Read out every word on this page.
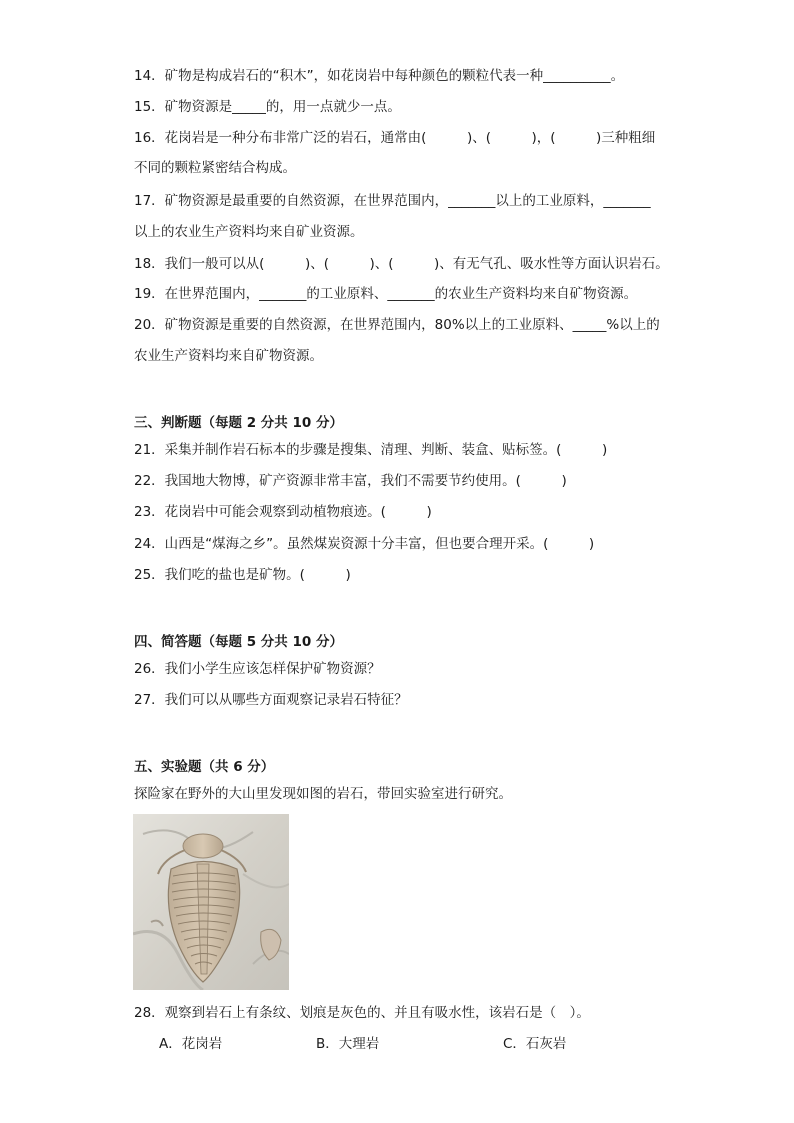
14．矿物是构成岩石的“积木”，如花岗岩中每种颜色的颗粒代表一种__________。
15．矿物资源是_____的，用一点就少一点。
16．花岗岩是一种分布非常广泛的岩石，通常由(　　　)、(　　　)，(　　　)三种粗细
不同的颗粒紧密结合构成。
17．矿物资源是最重要的自然资源，在世界范围内，_______以上的工业原料，_______
以上的农业生产资料均来自矿业资源。
18．我们一般可以从(　　　)、(　　　)、(　　　)、有无气孔、吸水性等方面认识岩石。
19．在世界范围内，_______的工业原料、_______的农业生产资料均来自矿物资源。
20．矿物资源是重要的自然资源，在世界范围内，80%以上的工业原料、_____%以上的
农业生产资料均来自矿物资源。
三、判断题（每题 2 分共 10 分）
21．采集并制作岩石标本的步骤是搜集、清理、判断、装盒、贴标签。(　　　)
22．我国地大物博，矿产资源非常丰富，我们不需要节约使用。(　　　)
23．花岗岩中可能会观察到动植物痕迹。(　　　)
24．山西是“煤海之乡”。虽然煤炭资源十分丰富，但也要合理开采。(　　　)
25．我们吃的盐也是矿物。(　　　)
四、简答题（每题 5 分共 10 分）
26．我们小学生应该怎样保护矿物资源？
27．我们可以从哪些方面观察记录岩石特征？
五、实验题（共 6 分）
探险家在野外的大山里发现如图的岩石，带回实验室进行研究。
28．观察到岩石上有条纹、划痕是灰色的、并且有吸水性，该岩石是（　）。
A．花岗岩	B．大理岩	C．石灰岩
